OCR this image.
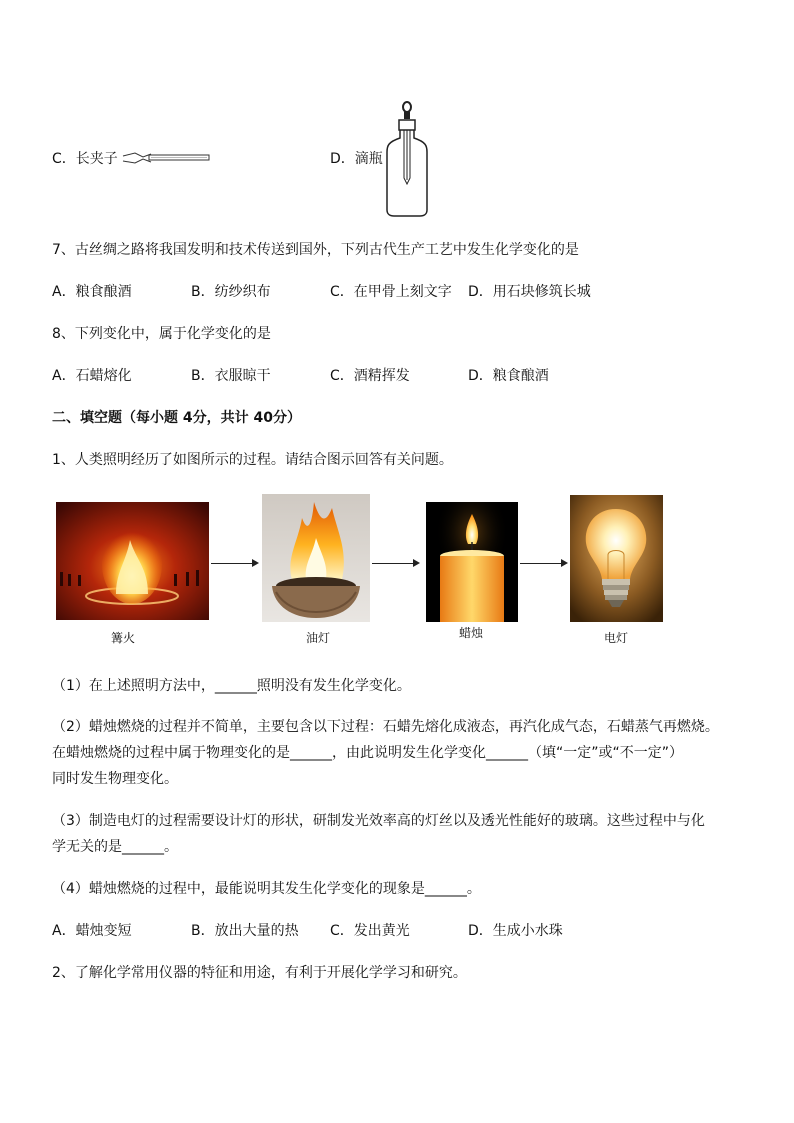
C．长夹子	D．滴瓶
7、古丝绸之路将我国发明和技术传送到国外，下列古代生产工艺中发生化学变化的是
A．粮食酿酒	B．纺纱织布	C．在甲骨上刻文字 D．用石块修筑长城
8、下列变化中，属于化学变化的是
A．石蜡熔化	B．衣服晾干	C．酒精挥发	D．粮食酿酒
二、填空题（每小题 4分，共计 40分）
1、人类照明经历了如图所示的过程。请结合图示回答有关问题。
篝火	油灯	蜡烛	电灯
（1）在上述照明方法中，______照明没有发生化学变化。
（2）蜡烛燃烧的过程并不简单，主要包含以下过程：石蜡先熔化成液态，再汽化成气态，石蜡蒸气再燃烧。
在蜡烛燃烧的过程中属于物理变化的是______，由此说明发生化学变化______（填“一定”或“不一定”）
同时发生物理变化。
（3）制造电灯的过程需要设计灯的形状，研制发光效率高的灯丝以及透光性能好的玻璃。这些过程中与化
学无关的是______。
（4）蜡烛燃烧的过程中，最能说明其发生化学变化的现象是______。
A．蜡烛变短	B．放出大量的热 C．发出黄光	D．生成小水珠
2、了解化学常用仪器的特征和用途，有利于开展化学学习和研究。
